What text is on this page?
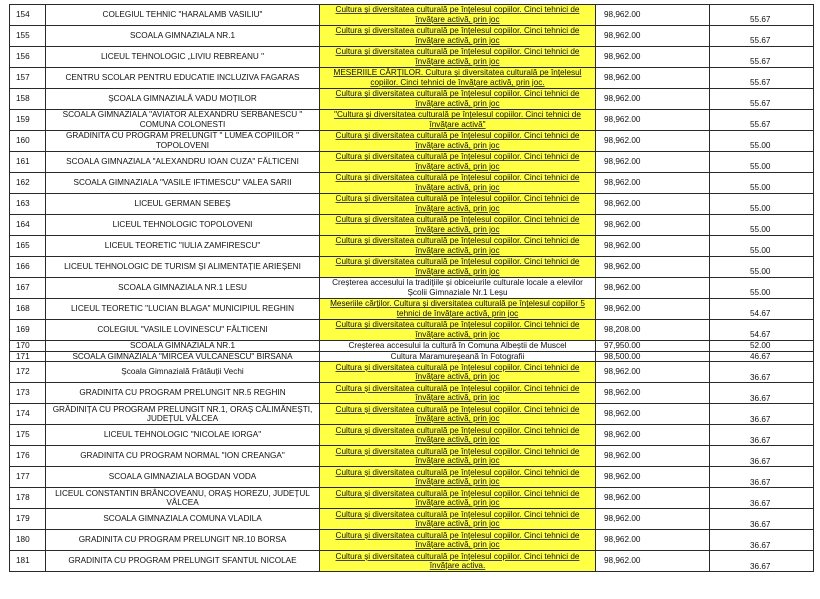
154	COLEGIUL TEHNIC "HARALAMB VASILIU"	Cultura și diversitatea culturală pe înțelesul copiilor. Cinci tehnici de învățare activă, prin joc	98,962.00	55.67
155	SCOALA GIMNAZIALA NR.1	Cultura și diversitatea culturală pe înțelesul copiilor. Cinci tehnici de învățare activă, prin joc	98,962.00	55.67
156	LICEUL TEHNOLOGIC „LIVIU REBREANU "	Cultura și diversitatea culturală pe înțelesul copiilor. Cinci tehnici de învățare activă, prin joc	98,962.00	55.67
157	CENTRU SCOLAR PENTRU EDUCATIE INCLUZIVA FAGARAS	MESERIILE CĂRȚILOR. Cultura și diversitatea culturală pe înțelesul copiilor. Cinci tehnici de învățare activă, prin joc.	98,962.00	55.67
158	ȘCOALA GIMNAZIALĂ VADU MOȚILOR	Cultura și diversitatea culturală pe înțelesul copiilor. Cinci tehnici de învățare activă, prin joc	98,962.00	55.67
159	SCOALA GIMNAZIALA "AVIATOR ALEXANDRU SERBANESCU " COMUNA COLONESTI	"Cultura și diversitatea culturală pe înțelesul copiilor. Cinci tehnici de învățare activă"	98,962.00	55.67
160	GRADINITA CU PROGRAM PRELUNGIT " LUMEA COPIILOR " TOPOLOVENI	Cultura și diversitatea culturală pe înțelesul copiilor. Cinci tehnici de învățare activă, prin joc	98,962.00	55.00
161	SCOALA GIMNAZIALA "ALEXANDRU IOAN CUZA" FĂLTICENI	Cultura și diversitatea culturală pe înțelesul copiilor. Cinci tehnici de învățare activă, prin joc	98,962.00	55.00
162	SCOALA GIMNAZIALA "VASILE IFTIMESCU" VALEA SARII	Cultura și diversitatea culturală pe înțelesul copiilor. Cinci tehnici de învățare activă, prin joc	98,962.00	55.00
163	LICEUL GERMAN SEBEȘ	Cultura și diversitatea culturală pe înțelesul copiilor. Cinci tehnici de învățare activă, prin joc	98,962.00	55.00
164	LICEUL TEHNOLOGIC TOPOLOVENI	Cultura și diversitatea culturală pe înțelesul copiilor. Cinci tehnici de învățare activă, prin joc	98,962.00	55.00
165	LICEUL TEORETIC "IULIA ZAMFIRESCU"	Cultura și diversitatea culturală pe înțelesul copiilor. Cinci tehnici de învățare activă, prin joc	98,962.00	55.00
166	LICEUL TEHNOLOGIC DE TURISM ȘI ALIMENTAȚIE ARIEȘENI	Cultura și diversitatea culturală pe înțelesul copiilor. Cinci tehnici de învățare activă, prin joc	98,962.00	55.00
167	SCOALA GIMNAZIALA NR.1 LESU	Creșterea accesului la tradiţiile și obiceiurile culturale locale a elevilor Școlii Gimnaziale Nr.1 Leșu	98,962.00	55.00
168	LICEUL TEORETIC "LUCIAN BLAGA" MUNICIPIUL REGHIN	Meseriile cărților. Cultura și diversitatea culturală pe înțelesul copiilor 5 tehnici de învățare activă, prin joc	98,962.00	54.67
169	COLEGIUL "VASILE LOVINESCU" FĂLTICENI	Cultura și diversitatea culturală pe înțelesul copiilor. Cinci tehnici de învățare activă, prin joc	98,208.00	54.67
170	SCOALA GIMNAZIALA NR.1	Creșterea accesului la cultură în Comuna Albeștii de Muscel	97,950.00	52.00
171	SCOALA GIMNAZIALA "MIRCEA VULCANESCU" BIRSANA	Cultura Maramureșeană în Fotografii	98,500.00	46.67
172	Școala Gimnazială Frătăuții Vechi	Cultura și diversitatea culturală pe înțelesul copiilor. Cinci tehnici de învățare activă, prin joc	98,962.00	36.67
173	GRADINITA CU PROGRAM PRELUNGIT NR.5 REGHIN	Cultura și diversitatea culturală pe înțelesul copiilor. Cinci tehnici de învățare activă, prin joc	98,962.00	36.67
174	GRĂDINIȚA CU PROGRAM PRELUNGIT NR.1, ORAȘ CĂLIMĂNEȘTI, JUDEȚUL VÂLCEA	Cultura și diversitatea culturală pe înțelesul copiilor. Cinci tehnici de învățare activă, prin joc	98,962.00	36.67
175	LICEUL TEHNOLOGIC "NICOLAE IORGA"	Cultura și diversitatea culturală pe înțelesul copiilor. Cinci tehnici de învățare activă, prin joc	98,962.00	36.67
176	GRADINITA CU PROGRAM NORMAL "ION CREANGA"	Cultura și diversitatea culturală pe înțelesul copiilor. Cinci tehnici de învățare activă, prin joc	98,962.00	36.67
177	SCOALA GIMNAZIALA BOGDAN VODA	Cultura și diversitatea culturală pe înțelesul copiilor. Cinci tehnici de învățare activă, prin joc	98,962.00	36.67
178	LICEUL CONSTANTIN BRÂNCOVEANU, ORAȘ HOREZU, JUDEȚUL VÂLCEA	Cultura și diversitatea culturală pe înțelesul copiilor. Cinci tehnici de învățare activă, prin joc	98,962.00	36.67
179	SCOALA GIMNAZIALA COMUNA VLADILA	Cultura și diversitatea culturală pe înțelesul copiilor. Cinci tehnici de învățare activă, prin joc	98,962.00	36.67
180	GRADINITA CU PROGRAM PRELUNGIT NR.10 BORSA	Cultura și diversitatea culturală pe înțelesul copiilor. Cinci tehnici de învățare activă, prin joc	98,962.00	36.67
181	GRADINITA CU PROGRAM PRELUNGIT SFANTUL NICOLAE	Cultura și diversitatea culturală pe înțelesul copiilor. Cinci tehnici de învățare activa.	98,962.00	36.67
